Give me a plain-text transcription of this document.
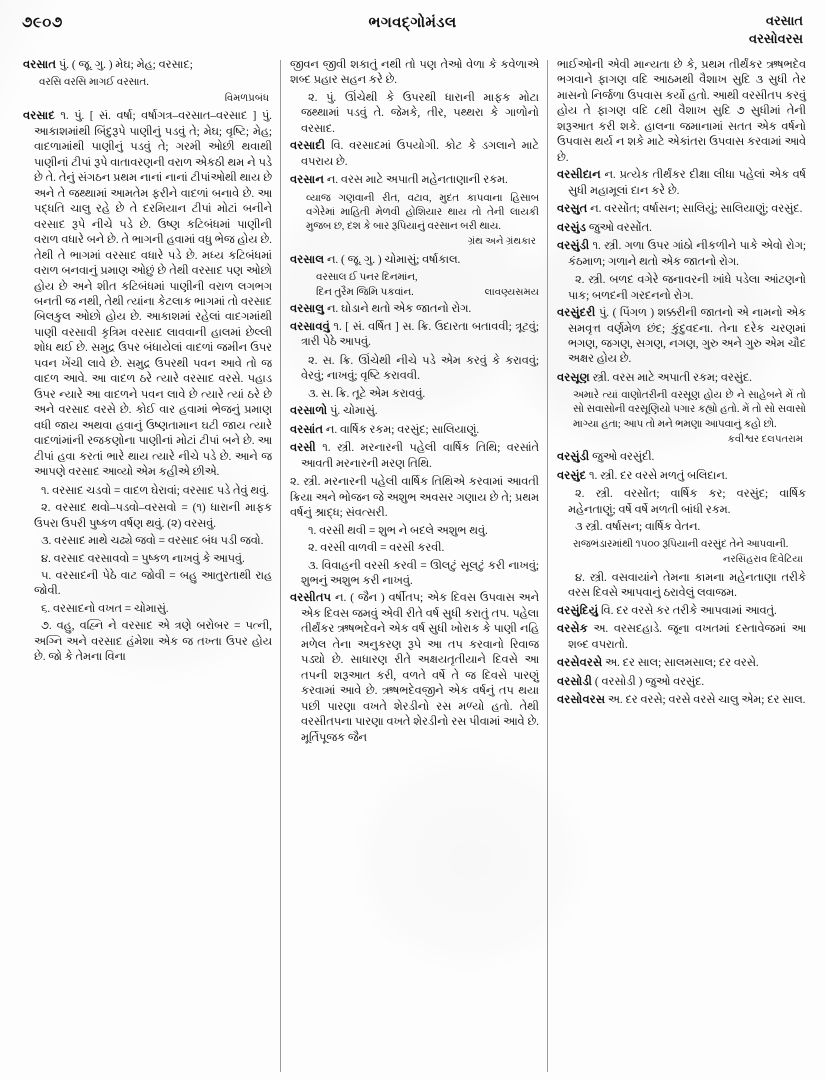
૭૯૦૭	ભગવદ્ગોમંડલ	વરસાત
વરસોવરસ

વરસાત પું. ( જૂ. ગુ. ) મેઘ; મેહ; વરસાદ;

વરસિ વરસિ માગઈ વરસાત.

વિમળપ્રબંધ

વરસાદ ૧. પું. [ સં. વર્ષા; વર્ષાગત્ર–વરસાત–વરસાદ ] પું. આકાશમાંથી બિંદુરૂપે પાણીનું પડવું તે; મેઘ; વૃષ્ટિ; મેહ; વાદળામાંથી પાણીનું પડવું તે; ગરમી ઓછી થવાથી પાણીનાં ટીપાં રૂપે વાતાવરણની વરાળ એકઠી થમ ને પડે છે તે. તેનું સંગઠન પ્રથમ નાનાં નાનાં ટીપાંઓથી થાય છે અને તે જથ્થામાં આમતેમ ફરીને વાદળાં બનાવે છે. આ પદ્ધતિ ચાલુ રહે છે તે દરમિયાન ટીપાં મોટાં બનીને વરસાદ રૂપે નીચે પડે છે. ઉષ્ણ કટિબંધમાં પાણીની વરાળ વધારે બને છે. તે ભાગની હવામાં વધુ ભેજ હોય છે. તેથી તે ભાગમાં વરસાદ વધારે પડે છે. મધ્ય કટિબંધમાં વરાળ બનવાનું પ્રમાણ ઓછું છે તેથી વરસાદ પણ ઓછો હોય છે અને શીત કટિબંધમાં પાણીની વરાળ લગભગ બનતી જ નથી, તેથી ત્યાંના કેટલાક ભાગમાં તો વરસાદ બિલકુલ ઓછો હોય છે. આકાશમાં રહેલાં વાદગમાંથી પાણી વરસાવી કૃત્રિમ વરસાદ લાવવાની હાલમાં છેલ્લી શોધ થઈ છે. સમુદ્ર ઉપર બંધાયેલાં વાદળાં જમીન ઉપર પવન ખેંચી લાવે છે. સમુદ્ર ઉપરથી પવન આવે તો જ વાદળ આવે. આ વાદળ ઠરે ત્યારે વરસાદ વરસે. પહાડ ઉપર ન્યારે આ વાદળને પવન લાવે છે ત્યારે ત્યાં ઠરે છે અને વરસાદ વરસે છે. કોઈ વાર હવામાં ભેજનું પ્રમાણ વધી જાય અથવા હવાનું ઉષ્ણતામાન ઘટી જાય ત્યારે વાદળાંમાંની રજકણોના પાણીનાં મોટાં ટીપાં બને છે. આ ટીપાં હવા કરતાં ભારે થાય ત્યારે નીચે પડે છે. આને જ આપણે વરસાદ આવ્યો એમ કહીએ છીએ.

૧. વરસાદ ચડવો = વાદળ ઘેરાવાં; વરસાદ પડે તેવું થવું.

૨. વરસાદ થવો–પડવો–વરસવો = (૧) ધારાની માફક ઉપરા ઉપરી પુષ્કળ વર્ષણ થવું. (૨) વરસવું.

૩. વરસાદ માથે ચઢ્યે જવો = વરસાદ બંધ પડી જવો.

૪. વરસાદ વરસાવવો = પુષ્કળ નાખવું કે આપવું.

૫. વરસાદની પેઠે વાટ જોવી = બહુ આતુરતાથી રાહ જોવી.

૬. વરસાદનો વખત = ચોમાસું.

૭. વહુ, વહ્નિ ને વરસાદ એ ત્રણે બરોબર = પત્ની, અગ્નિ અને વરસાદ હંમેશા એક જ તખ્તા ઉપર હોય છે. જો કે તેમના વિના

જીવન જીવી શકાતું નથી તો પણ તેઓ વેળા કે કવેળાએ શબ્દ પ્રહાર સહન કરે છે.

૨. પું. ઊંચેથી કે ઉપરથી ધારાની માફક મોટા જથ્થામાં પડવું તે. જેમકે, તીર, પથ્થરા કે ગાળોનો વરસાદ.

વરસાદી વિ. વરસાદમાં ઉપયોગી. કોટ કે ડગલાને માટે વપરાય છે.

વરસાન ન. વરસ માટે અપાતી મહેનતાણાની રકમ.

વ્યાજ ગણવાની રીત, વટાવ, મુદત કાપવાના હિસાબ વગેરેમાં માહિતી મેળવી હોશિયાર થાય તો તેની લાયકી મુજબ છ, દશ કે બાર રૂપિયાનું વરસાન બરી થાય.

ગ્રંથ અને ગ્રંથકાર

વરસાલ ન. ( જૂ. ગુ. ) ચોમાસું; વર્ષાકાલ.

વરસાલ ઈ પનર દિનમાંન,

દિન તુરૈમ જિમિ પકવાંન.	લાવણ્યસમય

વરસાલુ ન. ઘોડાને થતો એક જાતનો રોગ.

વરસાવવું ૧. [ સં. વર્ષિત ] સ. ક્રિ. ઉદારતા બતાવવી; ત્રૂટવું; ત્રારી પેઠે આપવું.

૨. સ. ક્રિ. ઊંચેથી નીચે પડે એમ કરવું કે કરાવવું; વેરવું; નાખવું; વૃષ્ટિ કરાવવી.

૩. સ. ક્રિ. તૂટે એમ કરાવવું.

વરસાળો પું. ચોમાસું.

વરસાંત ન. વાર્ષિક રકમ; વરસુંદ; સાલિયાણું.

વરસી ૧. સ્ત્રી. મરનારની પહેલી વાર્ષિક તિથિ; વરસાંતે આવતી મરનારની મરણ તિથિ.

૨. સ્ત્રી. મરનારની પહેલી વાર્ષિક તિથિએ કરવામાં આવતી ક્રિયા અને ભોજન જે અશુભ અવસર ગણાય છે તે; પ્રથમ વર્ષનું શ્રાદ્ધ; સંવત્સરી.

૧. વરસી થવી = શુભ ને બદલે અશુભ થવું.

૨. વરસી વાળવી = વરસી કરવી.

૩. વિવાહની વરસી કરવી = ઊલટું સૂલટું કરી નાખવું; શુભનું અશુભ કરી નાખવું.

વરસીતપ ન. ( જૈન ) વર્ષીતપ; એક દિવસ ઉપવાસ અને એક દિવસ જમવું એવી રીતે વર્ષ સુધી કરાતું તપ. પહેલા તીર્થંકર ઋષભદેવને એક વર્ષ સુધી ખોરાક કે પાણી નહિ મળેલ તેના અનુકરણ રૂપે આ તપ કરવાનો રિવાજ પડ્યો છે. સાધારણ રીતે અક્ષયતૃતીયાને દિવસે આ તપની શરૂઆત કરી, વળતે વર્ષે તે જ દિવસે પારણું કરવામાં આવે છે. ઋષભદેવજીને એક વર્ષનું તપ થયા પછી પારણા વખતે શેરડીનો રસ મળ્યો હતો. તેથી વરસીતપના પારણા વખતે શેરડીનો રસ પીવામાં આવે છે. મૂર્તિપૂજક જૈન

ભાઈઓની એવી માન્યતા છે કે, પ્રથમ તીર્થંકર ઋષભદેવ ભગવાને ફાગણ વદિ આઠમથી વૈશાખ સુદિ ૩ સુધી તેર માસનો નિર્જળા ઉપવાસ કર્યો હતો. આથી વરસીતપ કરવું હોય તે ફાગણ વદિ ૮થી વૈશાખ સુદિ ૭ સુધીમાં તેની શરૂઆત કરી શકે. હાલના જમાનામાં સતત એક વર્ષનો ઉપવાસ થર્ય ન શકે માટે એકાંતરા ઉપવાસ કરવામાં આવે છે.

વરસીદાન ન. પ્રત્યેક તીર્થંકર દીક્ષા લીધા પહેલાં એક વર્ષ સુધી મહામૂલાં દાન કરે છે.

વરસુત ન. વરસોંત; વર્ષાસન; સાલિયું; સાલિયાણું; વરસુંદ.

વરસુંડ જુઓ વરસોંત.

વરસુંડી ૧. સ્ત્રી. ગળા ઉપર ગાંઠો નીકળીને પાકે એવો રોગ; કંઠમાળ; ગળાને થતો એક જાતનો રોગ.

૨. સ્ત્રી. બળદ વગેરે જનાવરની ખાંધે પડેલા આંટણનો પાક; બળદની ગરદનનો રોગ.

વરસુંદરી પું. ( પિંગળ ) શક્કરીની જાતનો એ નામનો એક સમવૃત્ત વર્ણમેળ છંદ; કુંદુવદના. તેના દરેક ચરણમાં ભગણ, જગણ, સગણ, નગણ, ગુરુ અને ગુરુ એમ ચૌદ અક્ષર હોય છે.

વરસૂણ સ્ત્રી. વરસ માટે અપાતી રકમ; વરસુંદ.

અમારે ત્યાં વાણોતરીની વરસૂણ હોય છે ને સાહેબને મેં તો સો સવાસોની વરસૂણિયો પગાર કહ્યો હતો. મેં તો સો સવાસો માગ્યા હતા; આપ તો મને ભમણા આપવાનું કહો છો.

કવીશ્વર દલપતરામ

વરસુંડી જુઓ વરસુંદી.

વરસુંદ ૧. સ્ત્રી. દર વરસે મળતું બલિદાન.

૨. સ્ત્રી. વરસોંત; વાર્ષિક કર; વરસુંદ; વાર્ષિક મહેનતાણું; વર્ષે વર્ષે મળતી બાંધી રકમ.

૩ સ્ત્રી. વર્ષાસન; વાર્ષિક વેતન.

રાજભંડારમાંથી ૧૫૦૦ રૂપિયાની વરસુંદ તેને આપવાની.

નરસિંહરાવ દિવેટિયા

૪. સ્ત્રી. વસવાયાંને તેમના કામના મહેનતાણા તરીકે વરસ દિવસે આપવાનું ઠરાવેલું લવાજમ.

વરસુંદિયું વિ. દર વરસે કર તરીકે આપવામાં આવતું.

વરસેક અ. વરસદહાડે. જૂના વખતમાં દસ્તાવેજમાં આ શબ્દ વપરાતો.

વરસેવરસે અ. દર સાલ; સાલમસાલ; દર વરસે.

વરસોડી ( વરસોડી ) જુઓ વરસુંદ.

વરસોવરસ અ. દર વરસે; વરસે વરસે ચાલુ એમ; દર સાલ.
